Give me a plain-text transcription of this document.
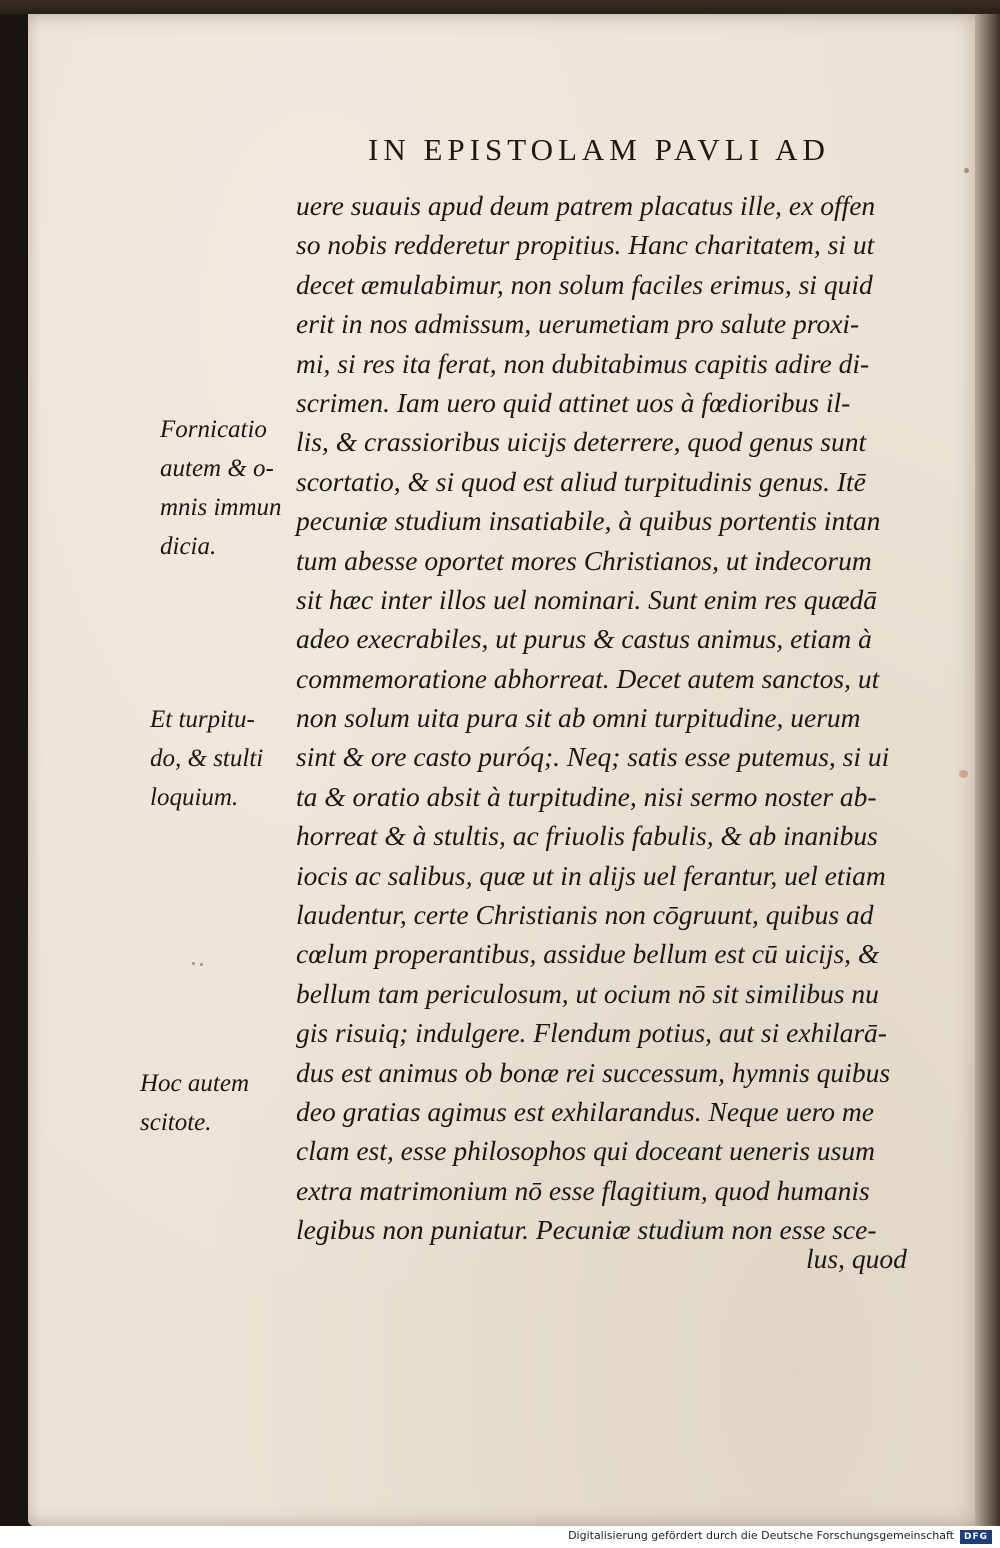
IN EPISTOLAM PAVLI AD
uere suauis apud deum patrem placatus ille, ex offen
so nobis redderetur propitius. Hanc charitatem, si ut
decet æmulabimur, non solum faciles erimus, si quid
erit in nos admissum, uerumetiam pro salute proxi-
mi, si res ita ferat, non dubitabimus capitis adire di-
scrimen. Iam uero quid attinet uos à fœdioribus il-
lis, & crassioribus uicijs deterrere, quod genus sunt
scortatio, & si quod est aliud turpitudinis genus. Itē
pecuniæ studium insatiabile, à quibus portentis intan
tum abesse oportet mores Christianos, ut indecorum
sit hæc inter illos uel nominari. Sunt enim res quædā
adeo execrabiles, ut purus & castus animus, etiam à
commemoratione abhorreat. Decet autem sanctos, ut
non solum uita pura sit ab omni turpitudine, uerum
sint & ore casto puróq;. Neq; satis esse putemus, si ui
ta & oratio absit à turpitudine, nisi sermo noster ab-
horreat & à stultis, ac friuolis fabulis, & ab inanibus
iocis ac salibus, quæ ut in alijs uel ferantur, uel etiam
laudentur, certe Christianis non cōgruunt, quibus ad
cœlum properantibus, assidue bellum est cū uicijs, &
bellum tam periculosum, ut ocium nō sit similibus nu
gis risuiq; indulgere. Flendum potius, aut si exhilarā-
dus est animus ob bonæ rei successum, hymnis quibus
deo gratias agimus est exhilarandus. Neque uero me
clam est, esse philosophos qui doceant ueneris usum
extra matrimonium nō esse flagitium, quod humanis
legibus non puniatur. Pecuniæ studium non esse sce-
lus, quod
Fornicatio
autem & o-
mnis immun
dicia.
Et turpitu-
do, & stulti
loquium.
Hoc autem
scitote.
Digitalisierung gefördert durch die Deutsche Forschungsgemeinschaft	DFG
